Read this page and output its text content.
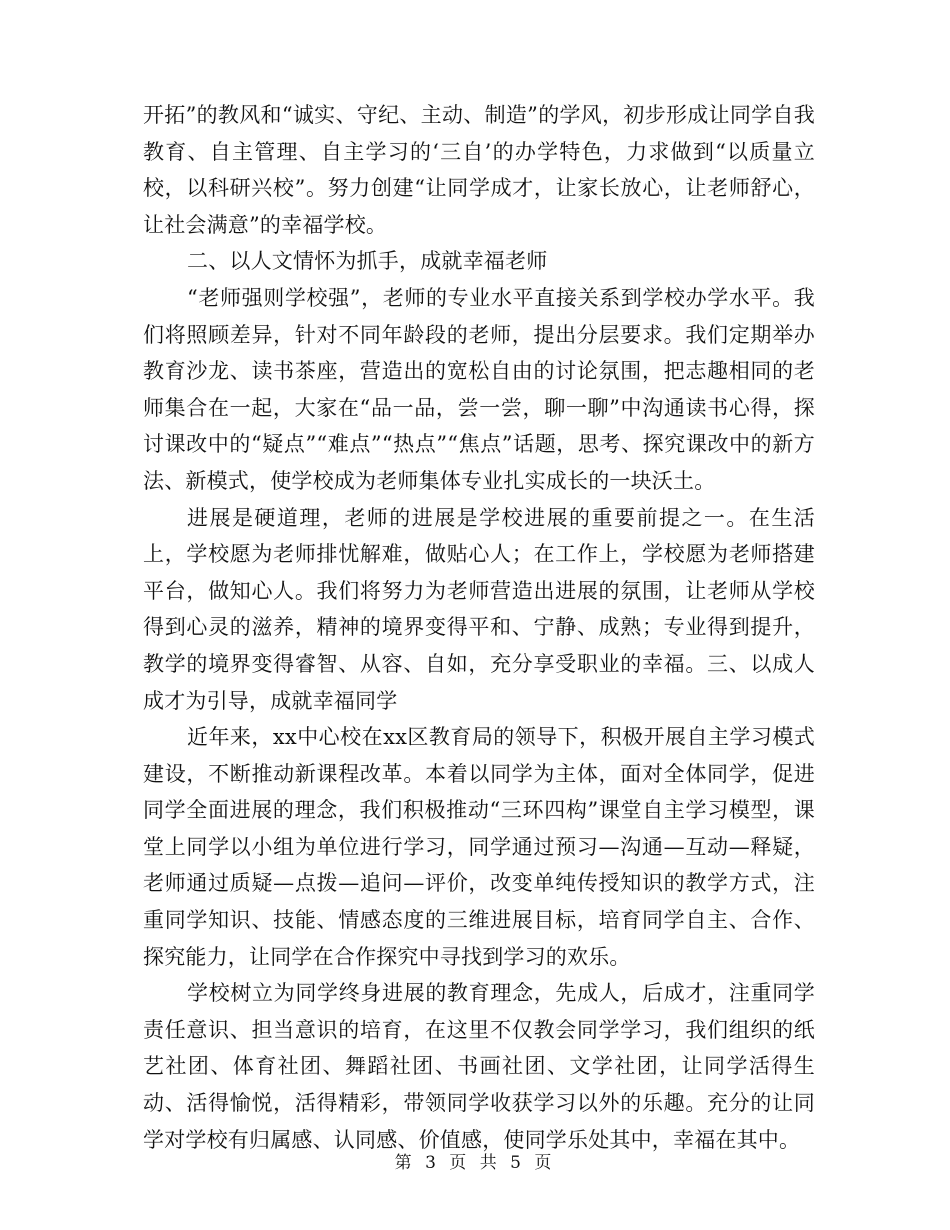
开拓”的教风和“诚实、守纪、主动、制造”的学风，初步形成让同学自我教育、自主管理、自主学习的‘三自’的办学特色，力求做到“以质量立校，以科研兴校”。努力创建“让同学成才，让家长放心，让老师舒心，让社会满意”的幸福学校。

二、以人文情怀为抓手，成就幸福老师

“老师强则学校强”，老师的专业水平直接关系到学校办学水平。我们将照顾差异，针对不同年龄段的老师，提出分层要求。我们定期举办教育沙龙、读书茶座，营造出的宽松自由的讨论氛围，把志趣相同的老师集合在一起，大家在“品一品，尝一尝，聊一聊”中沟通读书心得，探讨课改中的“疑点”“难点”“热点”“焦点”话题，思考、探究课改中的新方法、新模式，使学校成为老师集体专业扎实成长的一块沃土。

进展是硬道理，老师的进展是学校进展的重要前提之一。在生活上，学校愿为老师排忧解难，做贴心人；在工作上，学校愿为老师搭建平台，做知心人。我们将努力为老师营造出进展的氛围，让老师从学校得到心灵的滋养，精神的境界变得平和、宁静、成熟；专业得到提升，教学的境界变得睿智、从容、自如，充分享受职业的幸福。三、以成人成才为引导，成就幸福同学

近年来，xx中心校在xx区教育局的领导下，积极开展自主学习模式建设，不断推动新课程改革。本着以同学为主体，面对全体同学，促进同学全面进展的理念，我们积极推动“三环四构”课堂自主学习模型，课堂上同学以小组为单位进行学习，同学通过预习—沟通—互动—释疑，老师通过质疑—点拨—追问—评价，改变单纯传授知识的教学方式，注重同学知识、技能、情感态度的三维进展目标，培育同学自主、合作、探究能力，让同学在合作探究中寻找到学习的欢乐。

学校树立为同学终身进展的教育理念，先成人，后成才，注重同学责任意识、担当意识的培育，在这里不仅教会同学学习，我们组织的纸艺社团、体育社团、舞蹈社团、书画社团、文学社团，让同学活得生动、活得愉悦，活得精彩，带领同学收获学习以外的乐趣。充分的让同学对学校有归属感、认同感、价值感，使同学乐处其中，幸福在其中。

第 3 页 共 5 页
